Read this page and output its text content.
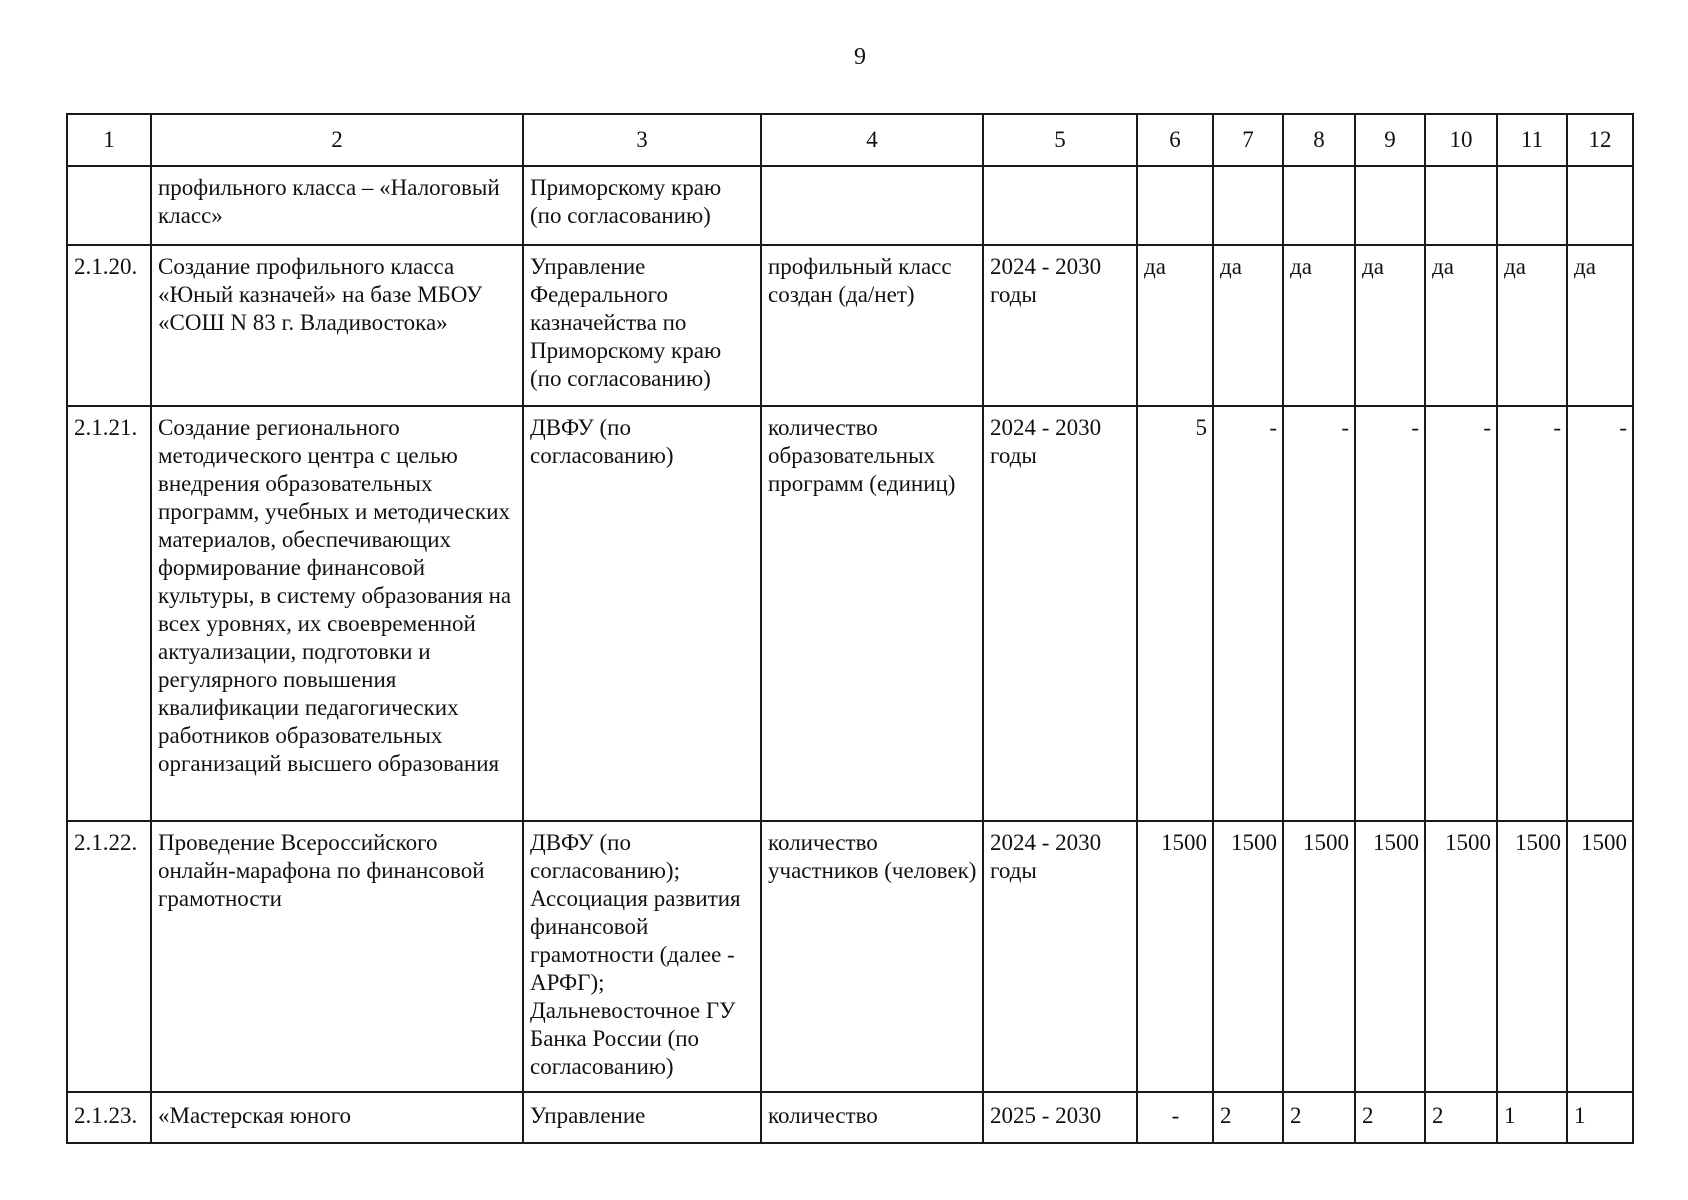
9
1	2	3	4	5	6	7	8	9	10	11	12
	профильного класса – «Налоговый класс»	Приморскому краю (по согласованию)									
2.1.20.	Создание профильного класса «Юный казначей» на базе МБОУ «СОШ N 83 г. Владивостока»	Управление Федерального казначейства по Приморскому краю (по согласованию)	профильный класс создан (да/нет)	2024 - 2030 годы	да	да	да	да	да	да	да
2.1.21.	Создание регионального методического центра с целью внедрения образовательных программ, учебных и методических материалов, обеспечивающих формирование финансовой культуры, в систему образования на всех уровнях, их своевременной актуализации, подготовки и регулярного повышения квалификации педагогических работников образовательных организаций высшего образования	ДВФУ (по согласованию)	количество образовательных программ (единиц)	2024 - 2030 годы	5	-	-	-	-	-	-
2.1.22.	Проведение Всероссийского онлайн-марафона по финансовой грамотности	ДВФУ (по согласованию); Ассоциация развития финансовой грамотности (далее - АРФГ); Дальневосточное ГУ Банка России (по согласованию)	количество участников (человек)	2024 - 2030 годы	1500	1500	1500	1500	1500	1500	1500
2.1.23.	«Мастерская юного	Управление	количество	2025 - 2030	-	2	2	2	2	1	1
